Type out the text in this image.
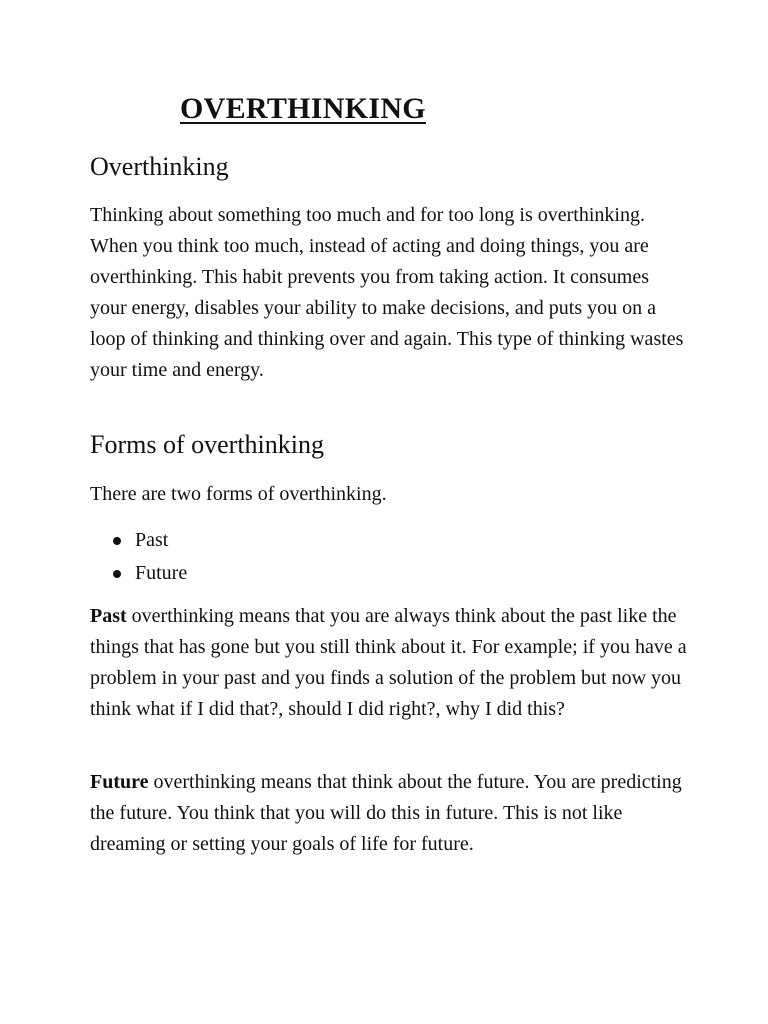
OVERTHINKING
Overthinking

Thinking about something too much and for too long is overthinking. When you think too much, instead of acting and doing things, you are overthinking. This habit prevents you from taking action. It consumes your energy, disables your ability to make decisions, and puts you on a loop of thinking and thinking over and again. This type of thinking wastes your time and energy.

Forms of overthinking

There are two forms of overthinking.

Past
Future

Past overthinking means that you are always think about the past like the things that has gone but you still think about it. For example; if you have a problem in your past and you finds a solution of the problem but now you think what if I did that?, should I did right?, why I did this?

Future overthinking means that think about the future. You are predicting the future. You think that you will do this in future. This is not like dreaming or setting your goals of life for future.
